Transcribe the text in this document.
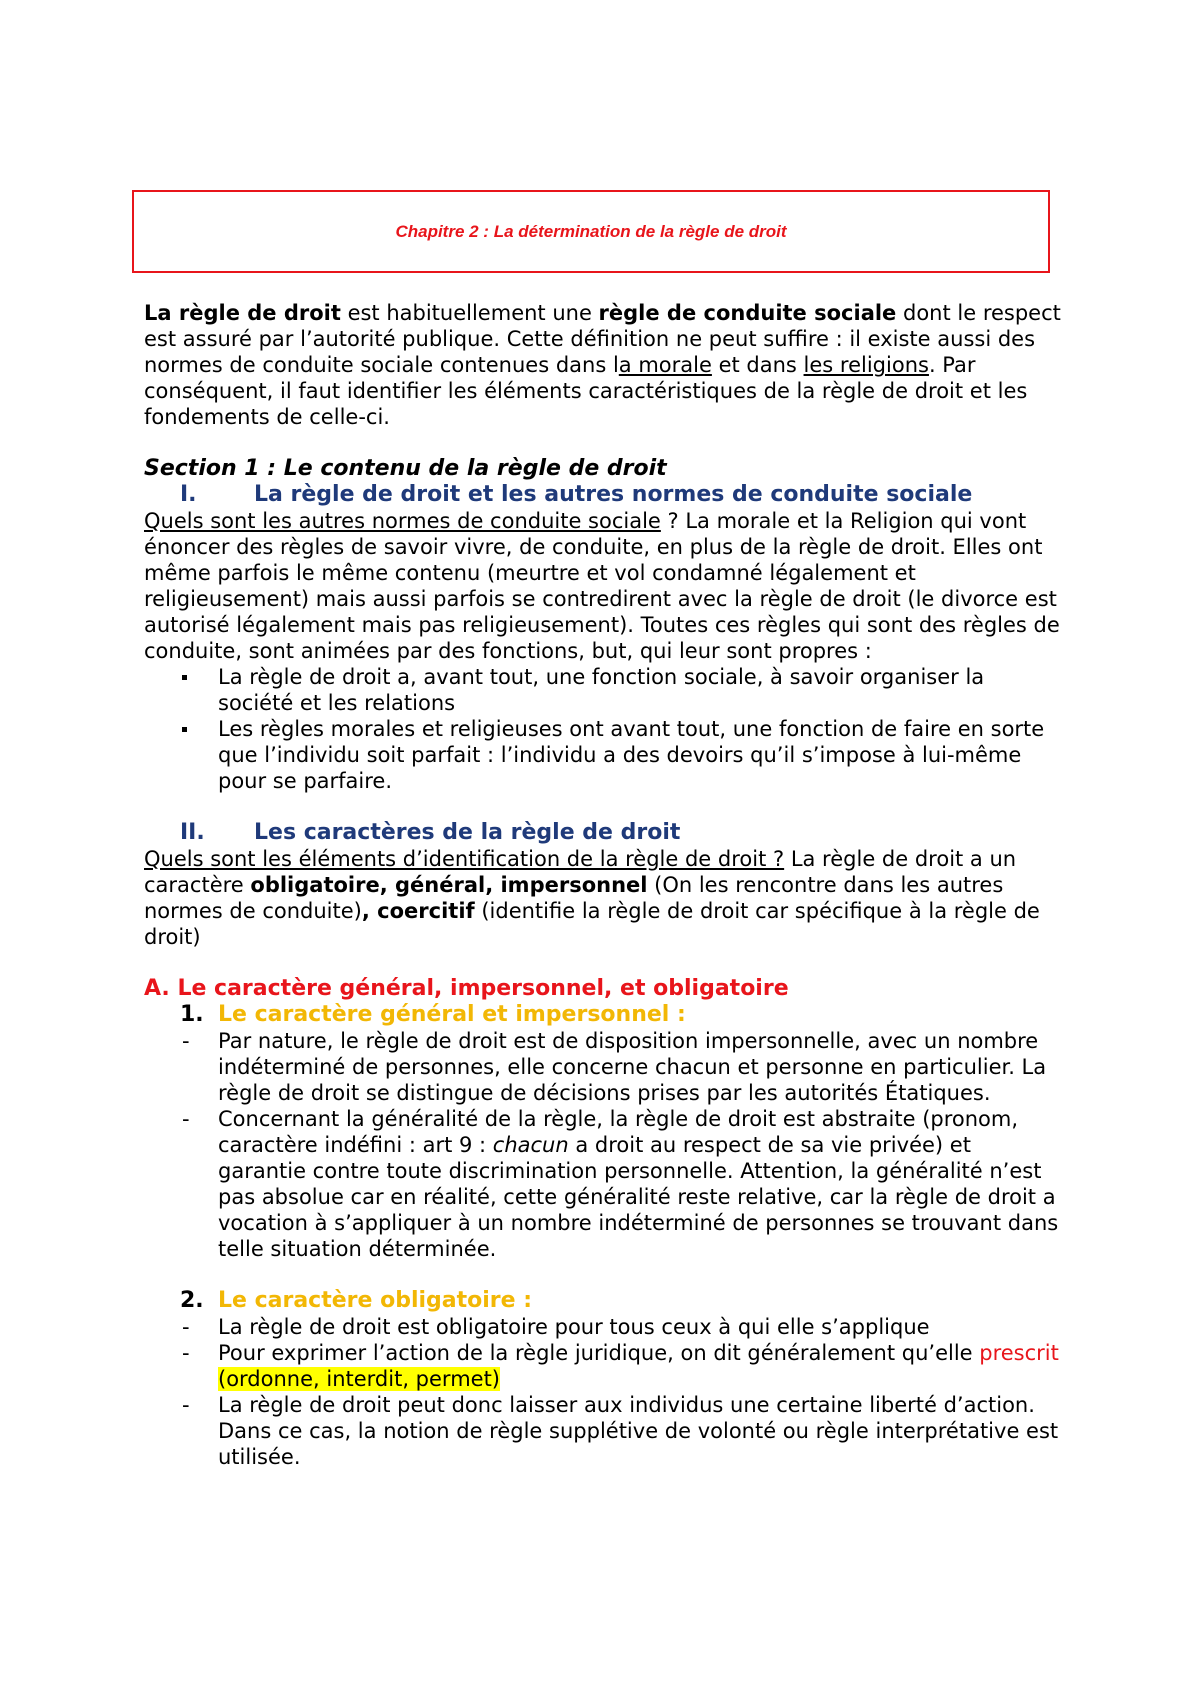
Chapitre 2 : La détermination de la règle de droit

La règle de droit est habituellement une règle de conduite sociale dont le respect est assuré par l’autorité publique. Cette définition ne peut suffire : il existe aussi des normes de conduite sociale contenues dans la morale et dans les religions. Par conséquent, il faut identifier les éléments caractéristiques de la règle de droit et les fondements de celle-ci.

Section 1 : Le contenu de la règle de droit

I.	La règle de droit et les autres normes de conduite sociale

Quels sont les autres normes de conduite sociale ? La morale et la Religion qui vont énoncer des règles de savoir vivre, de conduite, en plus de la règle de droit. Elles ont même parfois le même contenu (meurtre et vol condamné légalement et religieusement) mais aussi parfois se contredirent avec la règle de droit (le divorce est autorisé légalement mais pas religieusement). Toutes ces règles qui sont des règles de conduite, sont animées par des fonctions, but, qui leur sont propres :

La règle de droit a, avant tout, une fonction sociale, à savoir organiser la société et les relations
Les règles morales et religieuses ont avant tout, une fonction de faire en sorte que l’individu soit parfait : l’individu a des devoirs qu’il s’impose à lui-même pour se parfaire.
II.	Les caractères de la règle de droit

Quels sont les éléments d’identification de la règle de droit ? La règle de droit a un caractère obligatoire, général, impersonnel (On les rencontre dans les autres normes de conduite), coercitif (identifie la règle de droit car spécifique à la règle de droit)

A. Le caractère général, impersonnel, et obligatoire

1. Le caractère général et impersonnel :
- Par nature, le règle de droit est de disposition impersonnelle, avec un nombre indéterminé de personnes, elle concerne chacun et personne en particulier. La règle de droit se distingue de décisions prises par les autorités Étatiques.
- Concernant la généralité de la règle, la règle de droit est abstraite (pronom, caractère indéfini : art 9 : chacun a droit au respect de sa vie privée) et garantie contre toute discrimination personnelle. Attention, la généralité n’est pas absolue car en réalité, cette généralité reste relative, car la règle de droit a vocation à s’appliquer à un nombre indéterminé de personnes se trouvant dans telle situation déterminée.
2. Le caractère obligatoire :
- La règle de droit est obligatoire pour tous ceux à qui elle s’applique
- Pour exprimer l’action de la règle juridique, on dit généralement qu’elle prescrit (ordonne, interdit, permet)
- La règle de droit peut donc laisser aux individus une certaine liberté d’action. Dans ce cas, la notion de règle supplétive de volonté ou règle interprétative est utilisée.
